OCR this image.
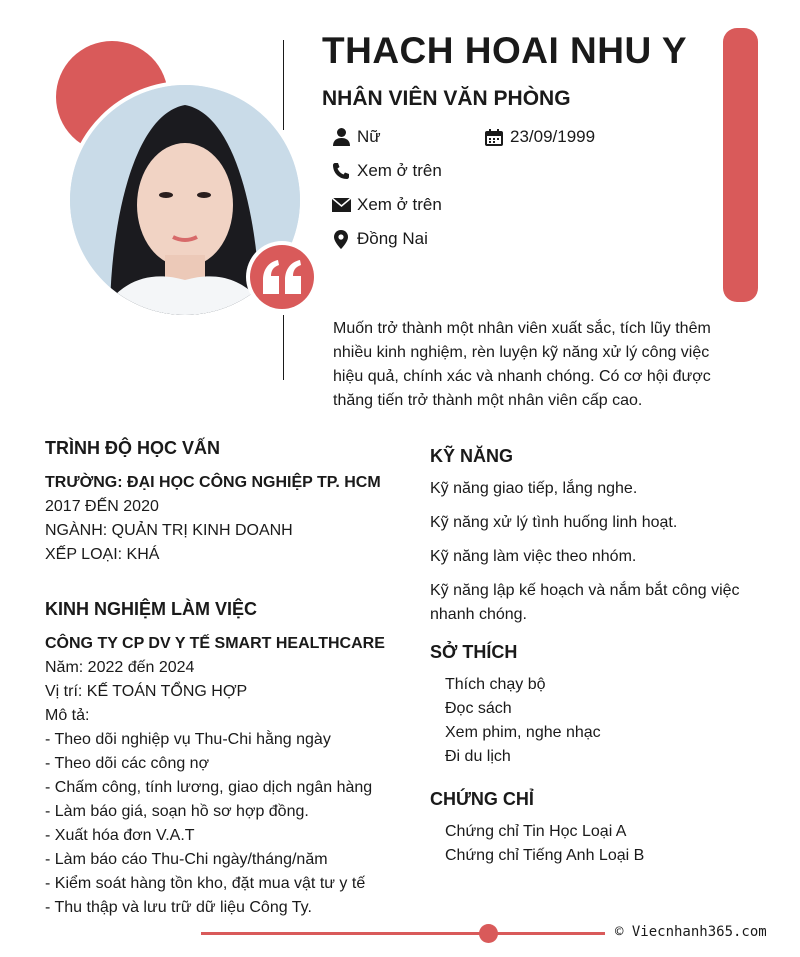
THACH HOAI NHU Y
NHÂN VIÊN VĂN PHÒNG
Nữ	23/09/1999
Xem ở trên
Xem ở trên
Đồng Nai
Muốn trở thành một nhân viên xuất sắc, tích lũy thêm nhiều kinh nghiệm, rèn luyện kỹ năng xử lý công việc hiệu quả, chính xác và nhanh chóng. Có cơ hội được thăng tiến trở thành một nhân viên cấp cao.
TRÌNH ĐỘ HỌC VẤN
TRƯỜNG: ĐẠI HỌC CÔNG NGHIỆP TP. HCM
2017 ĐẾN 2020
NGÀNH: QUẢN TRỊ KINH DOANH
XẾP LOẠI: KHÁ
KINH NGHIỆM LÀM VIỆC
CÔNG TY CP DV Y TẾ SMART HEALTHCARE
Năm: 2022 đến 2024
Vị trí: KẾ TOÁN TỔNG HỢP
Mô tả:
- Theo dõi nghiệp vụ Thu-Chi hằng ngày
- Theo dõi các công nợ
- Chấm công, tính lương, giao dịch ngân hàng
- Làm báo giá, soạn hồ sơ hợp đồng.
- Xuất hóa đơn V.A.T
- Làm báo cáo Thu-Chi ngày/tháng/năm
- Kiểm soát hàng tồn kho, đặt mua vật tư y tế
- Thu thập và lưu trữ dữ liệu Công Ty.
KỸ NĂNG
Kỹ năng giao tiếp, lắng nghe.
Kỹ năng xử lý tình huống linh hoạt.
Kỹ năng làm việc theo nhóm.
Kỹ năng lập kế hoạch và nắm bắt công việc nhanh chóng.
SỞ THÍCH
Thích chạy bộ
Đọc sách
Xem phim, nghe nhạc
Đi du lịch
CHỨNG CHỈ
Chứng chỉ Tin Học Loại A
Chứng chỉ Tiếng Anh Loại B
© Viecnhanh365.com
